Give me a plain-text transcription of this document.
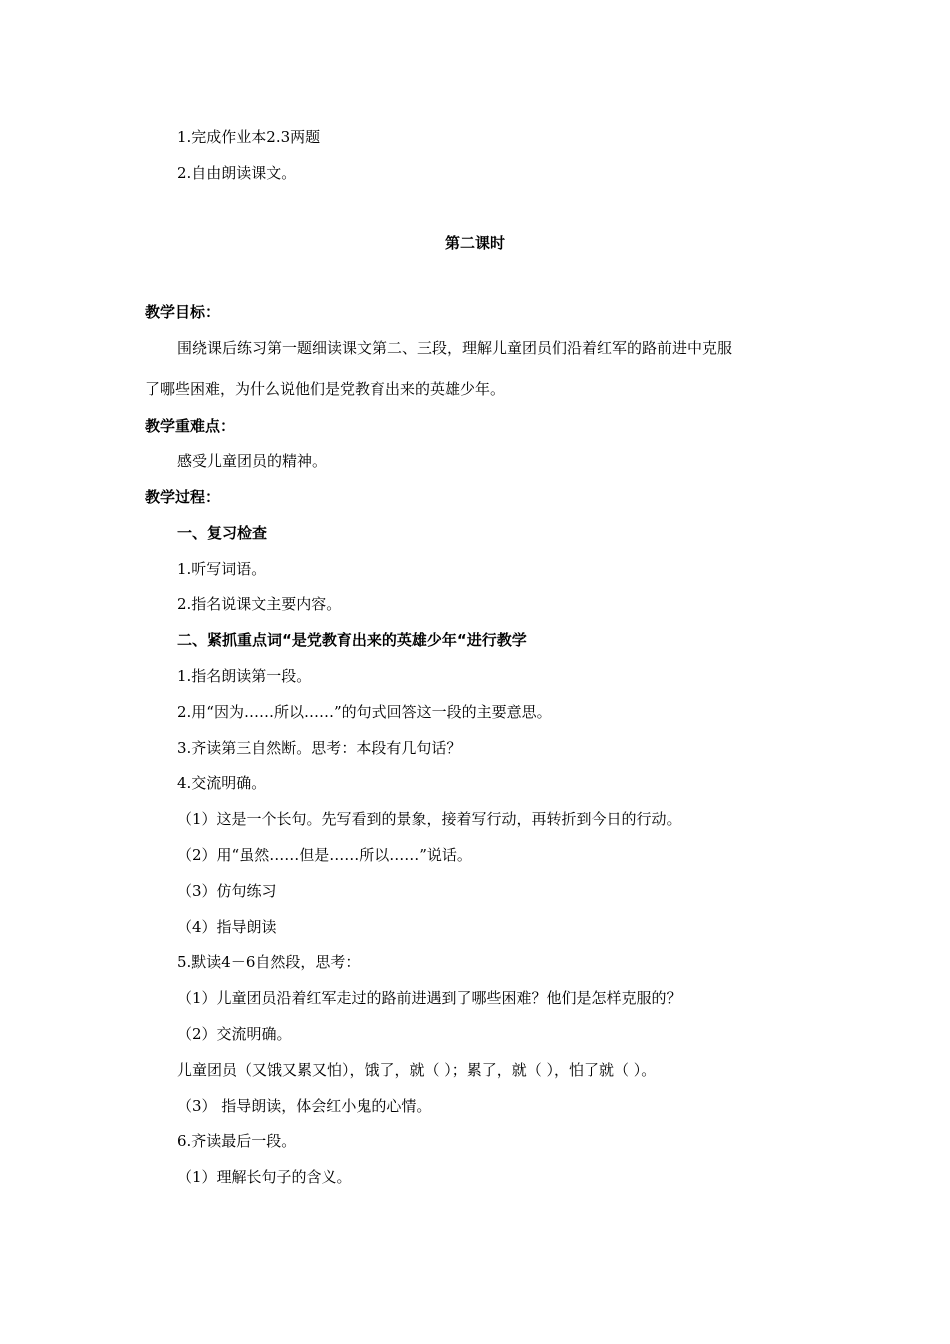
1.完成作业本2.3两题
2.自由朗读课文。
第二课时
教学目标：
围绕课后练习第一题细读课文第二、三段，理解儿童团员们沿着红军的路前进中克服
了哪些困难，为什么说他们是党教育出来的英雄少年。
教学重难点：
感受儿童团员的精神。
教学过程：
一、复习检查
1.听写词语。
2.指名说课文主要内容。
二、紧抓重点词“是党教育出来的英雄少年“进行教学
1.指名朗读第一段。
2.用“因为……所以……”的句式回答这一段的主要意思。
3.齐读第三自然断。思考：本段有几句话？
4.交流明确。
（1）这是一个长句。先写看到的景象，接着写行动，再转折到今日的行动。
（2）用“虽然……但是……所以……”说话。
（3）仿句练习
（4）指导朗读
5.默读4－6自然段，思考：
（1）儿童团员沿着红军走过的路前进遇到了哪些困难？他们是怎样克服的？
（2）交流明确。
儿童团员（又饿又累又怕），饿了，就（ ）；累了，就（ ），怕了就（ ）。
（3） 指导朗读，体会红小鬼的心情。
6.齐读最后一段。
（1）理解长句子的含义。
